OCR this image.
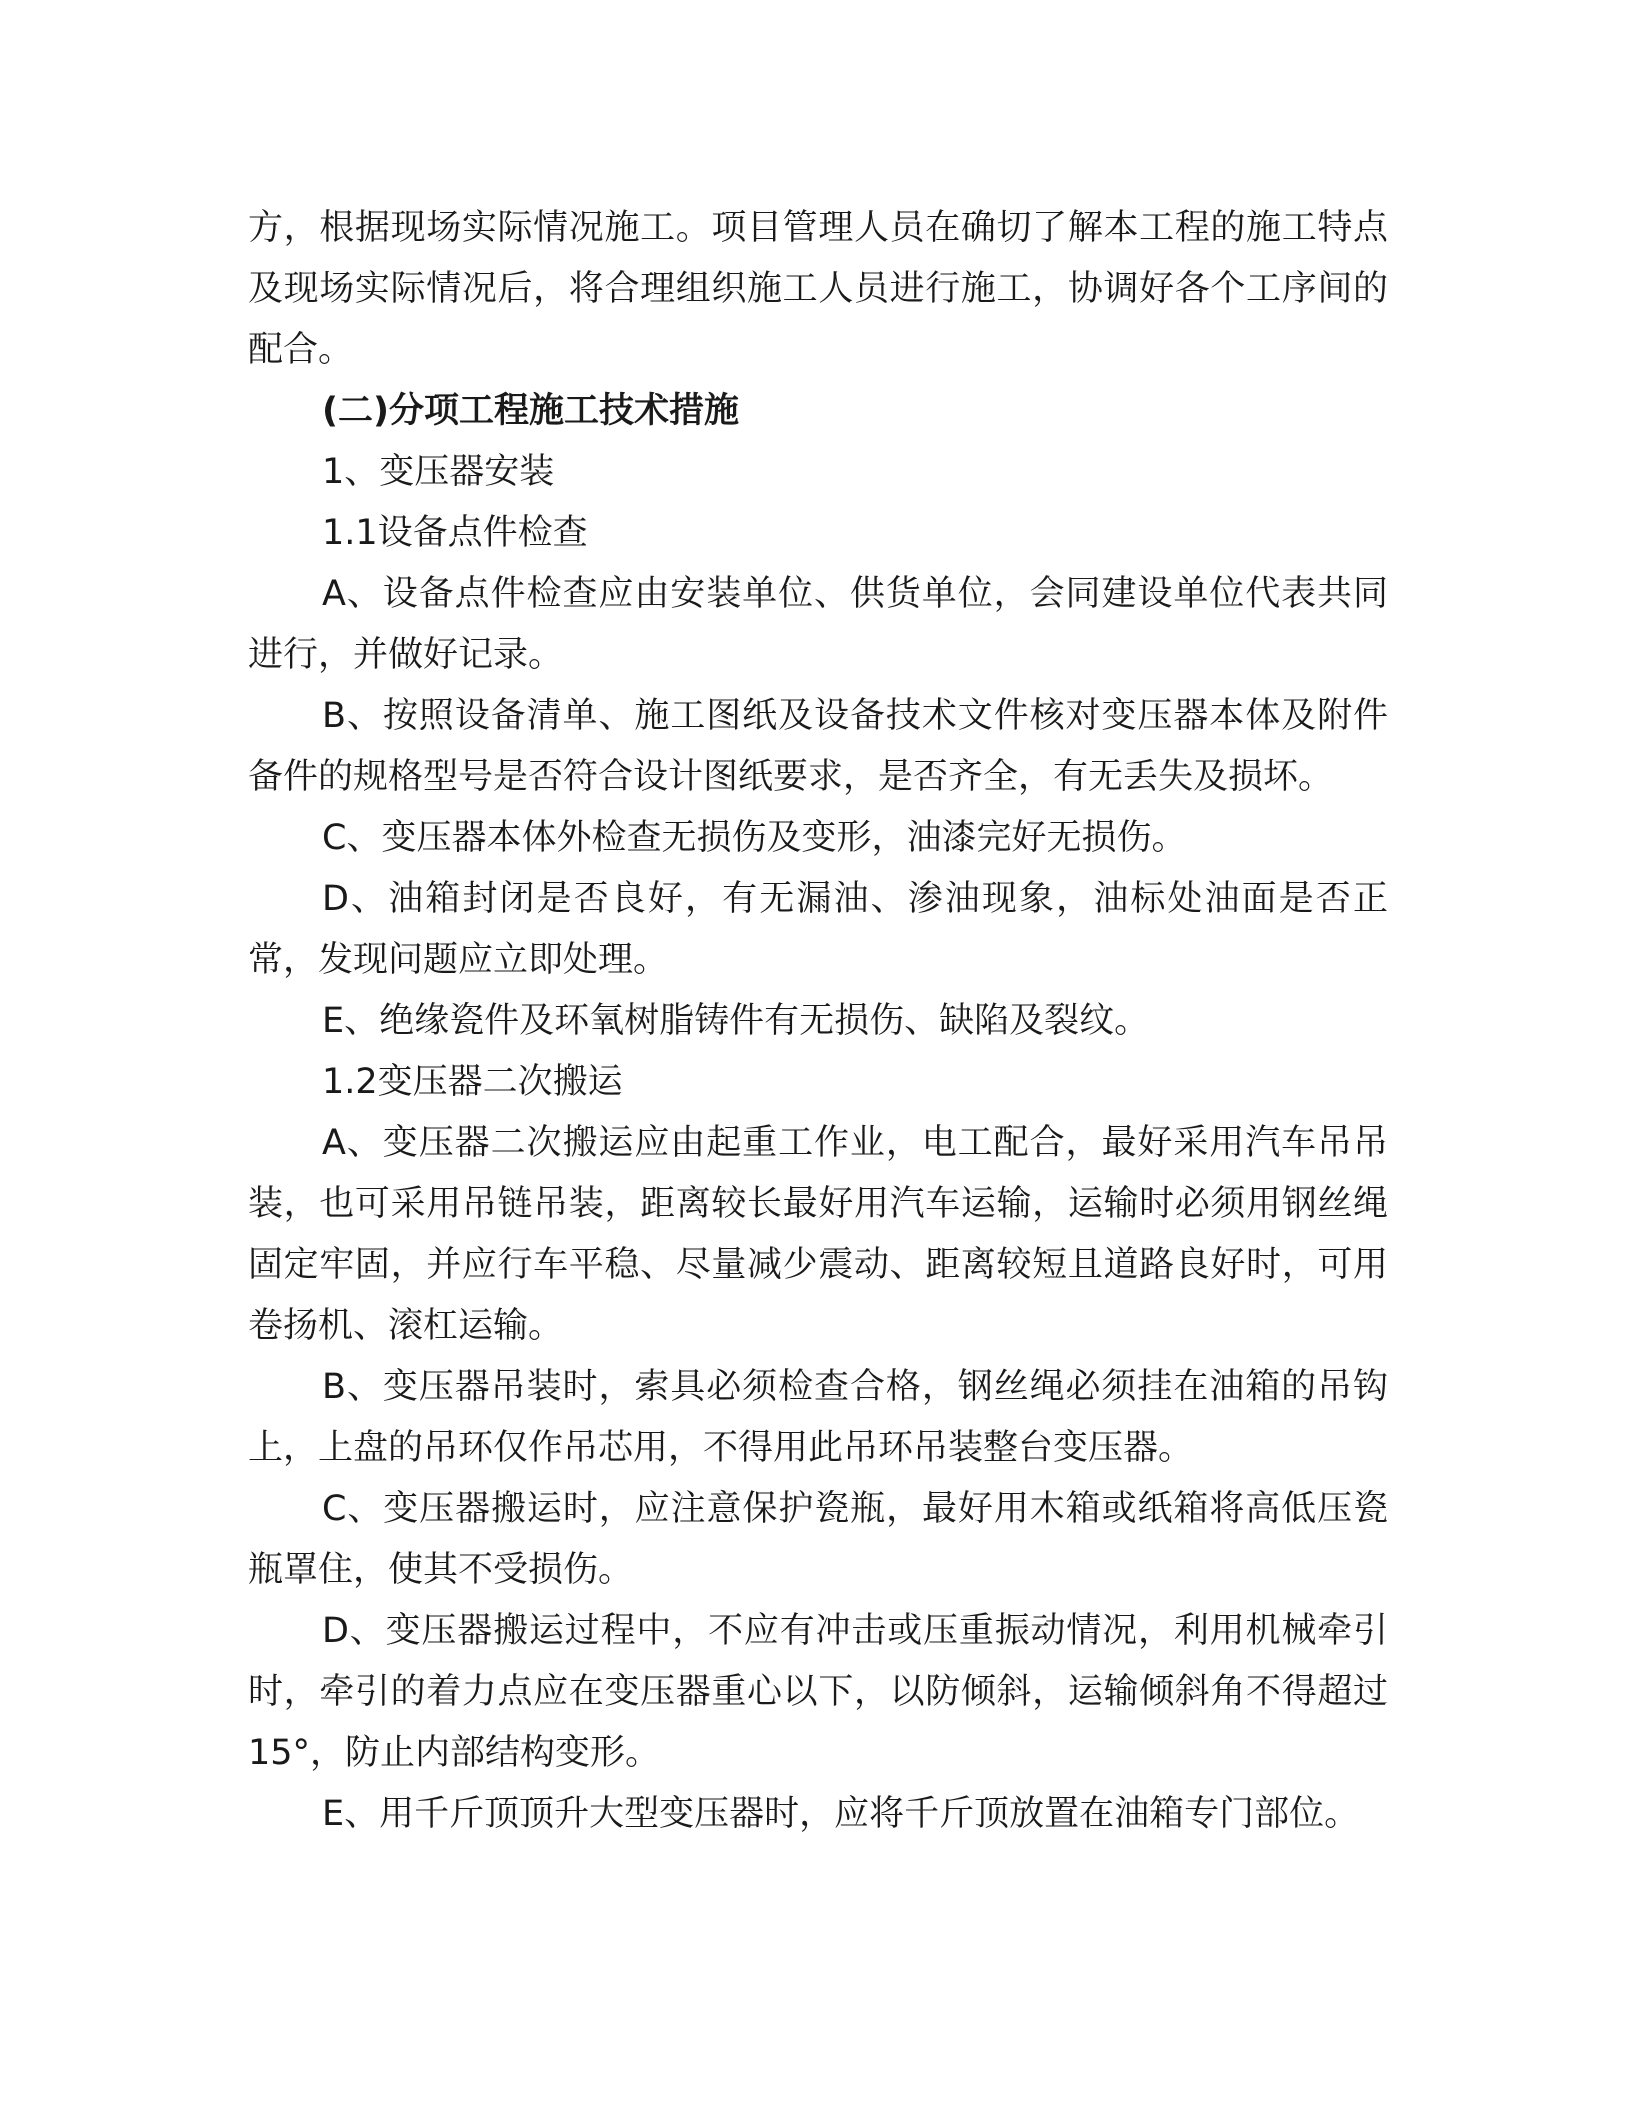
方，根据现场实际情况施工。项目管理人员在确切了解本工程的施工特点及现场实际情况后，将合理组织施工人员进行施工，协调好各个工序间的配合。

(二)分项工程施工技术措施

1、变压器安装

1.1设备点件检查

A、设备点件检查应由安装单位、供货单位，会同建设单位代表共同进行，并做好记录。

B、按照设备清单、施工图纸及设备技术文件核对变压器本体及附件备件的规格型号是否符合设计图纸要求，是否齐全，有无丢失及损坏。

C、变压器本体外检查无损伤及变形，油漆完好无损伤。

D、油箱封闭是否良好，有无漏油、渗油现象，油标处油面是否正常，发现问题应立即处理。

E、绝缘瓷件及环氧树脂铸件有无损伤、缺陷及裂纹。

1.2变压器二次搬运

A、变压器二次搬运应由起重工作业，电工配合，最好采用汽车吊吊装，也可采用吊链吊装，距离较长最好用汽车运输，运输时必须用钢丝绳固定牢固，并应行车平稳、尽量减少震动、距离较短且道路良好时，可用卷扬机、滚杠运输。

B、变压器吊装时，索具必须检查合格，钢丝绳必须挂在油箱的吊钩上，上盘的吊环仅作吊芯用，不得用此吊环吊装整台变压器。

C、变压器搬运时，应注意保护瓷瓶，最好用木箱或纸箱将高低压瓷瓶罩住，使其不受损伤。

D、变压器搬运过程中，不应有冲击或压重振动情况，利用机械牵引时，牵引的着力点应在变压器重心以下，以防倾斜，运输倾斜角不得超过15°，防止内部结构变形。

E、用千斤顶顶升大型变压器时，应将千斤顶放置在油箱专门部位。
